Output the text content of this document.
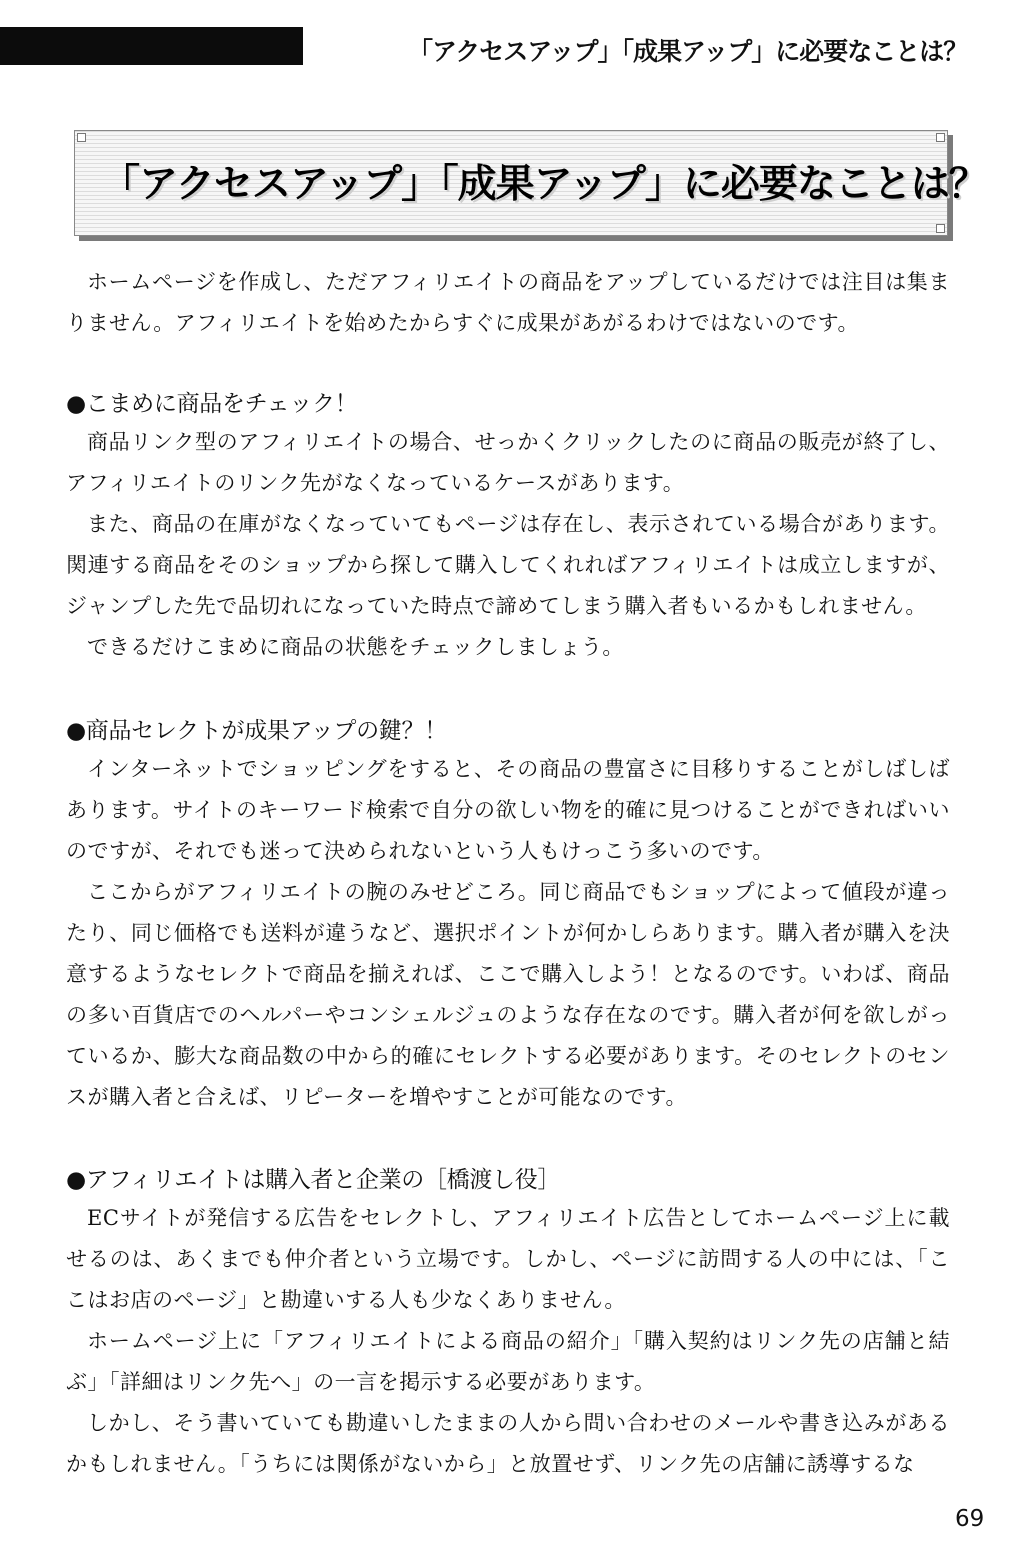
「アクセスアップ」「成果アップ」に必要なことは？
「アクセスアップ」「成果アップ」に必要なことは？

ホームページを作成し、ただアフィリエイトの商品をアップしているだけでは注目は集まりません。アフィリエイトを始めたからすぐに成果があがるわけではないのです。

●こまめに商品をチェック！

商品リンク型のアフィリエイトの場合、せっかくクリックしたのに商品の販売が終了し、アフィリエイトのリンク先がなくなっているケースがあります。

また、商品の在庫がなくなっていてもページは存在し、表示されている場合があります。関連する商品をそのショップから探して購入してくれればアフィリエイトは成立しますが、ジャンプした先で品切れになっていた時点で諦めてしまう購入者もいるかもしれません。

できるだけこまめに商品の状態をチェックしましょう。

●商品セレクトが成果アップの鍵？！

インターネットでショッピングをすると、その商品の豊富さに目移りすることがしばしばあります。サイトのキーワード検索で自分の欲しい物を的確に見つけることができればいいのですが、それでも迷って決められないという人もけっこう多いのです。

ここからがアフィリエイトの腕のみせどころ。同じ商品でもショップによって値段が違ったり、同じ価格でも送料が違うなど、選択ポイントが何かしらあります。購入者が購入を決意するようなセレクトで商品を揃えれば、ここで購入しよう！となるのです。いわば、商品の多い百貨店でのヘルパーやコンシェルジュのような存在なのです。購入者が何を欲しがっているか、膨大な商品数の中から的確にセレクトする必要があります。そのセレクトのセンスが購入者と合えば、リピーターを増やすことが可能なのです。

●アフィリエイトは購入者と企業の［橋渡し役］

ECサイトが発信する広告をセレクトし、アフィリエイト広告としてホームページ上に載せるのは、あくまでも仲介者という立場です。しかし、ページに訪問する人の中には、「ここはお店のページ」と勘違いする人も少なくありません。

ホームページ上に「アフィリエイトによる商品の紹介」「購入契約はリンク先の店舗と結ぶ」「詳細はリンク先へ」の一言を掲示する必要があります。

しかし、そう書いていても勘違いしたままの人から問い合わせのメールや書き込みがあるかもしれません。「うちには関係がないから」と放置せず、リンク先の店舗に誘導するな

69
